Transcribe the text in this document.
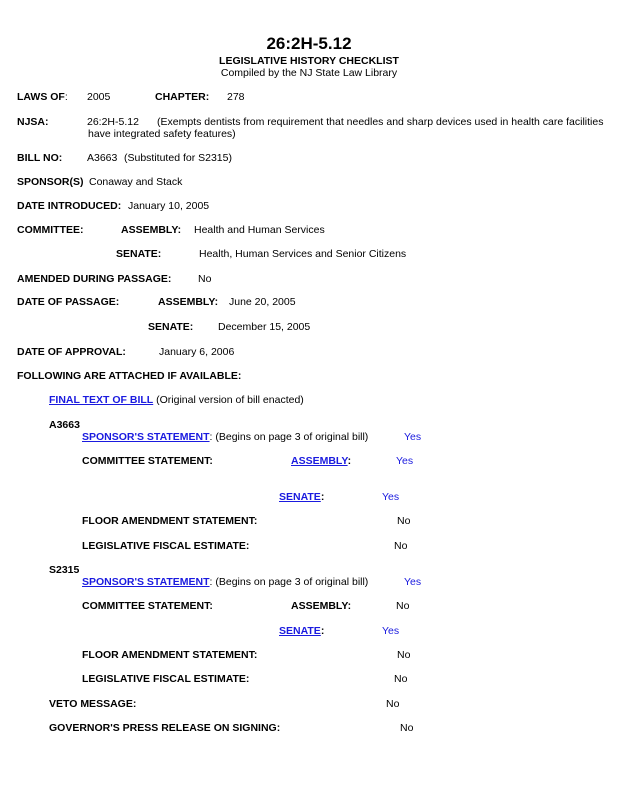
26:2H-5.12
LEGISLATIVE HISTORY CHECKLIST
Compiled by the NJ State Law Library
LAWS OF: 2005	CHAPTER: 278
NJSA:	26:2H-5.12	(Exempts dentists from requirement that needles and sharp devices used in health care facilities have integrated safety features)
BILL NO: A3663 (Substituted for S2315)
SPONSOR(S) Conaway and Stack
DATE INTRODUCED: January 10, 2005
COMMITTEE:	ASSEMBLY: Health and Human Services
SENATE:	Health, Human Services and Senior Citizens
AMENDED DURING PASSAGE:	No
DATE OF PASSAGE:	ASSEMBLY: June 20, 2005
SENATE: December 15, 2005
DATE OF APPROVAL:	January 6, 2006
FOLLOWING ARE ATTACHED IF AVAILABLE:
FINAL TEXT OF BILL (Original version of bill enacted)
A3663
SPONSOR'S STATEMENT: (Begins on page 3 of original bill)	Yes
COMMITTEE STATEMENT:	ASSEMBLY:	Yes
SENATE:	Yes
FLOOR AMENDMENT STATEMENT:	No
LEGISLATIVE FISCAL ESTIMATE:	No
S2315
SPONSOR'S STATEMENT: (Begins on page 3 of original bill)	Yes
COMMITTEE STATEMENT:	ASSEMBLY:	No
SENATE:	Yes
FLOOR AMENDMENT STATEMENT:	No
LEGISLATIVE FISCAL ESTIMATE:	No
VETO MESSAGE:	No
GOVERNOR'S PRESS RELEASE ON SIGNING:	No
